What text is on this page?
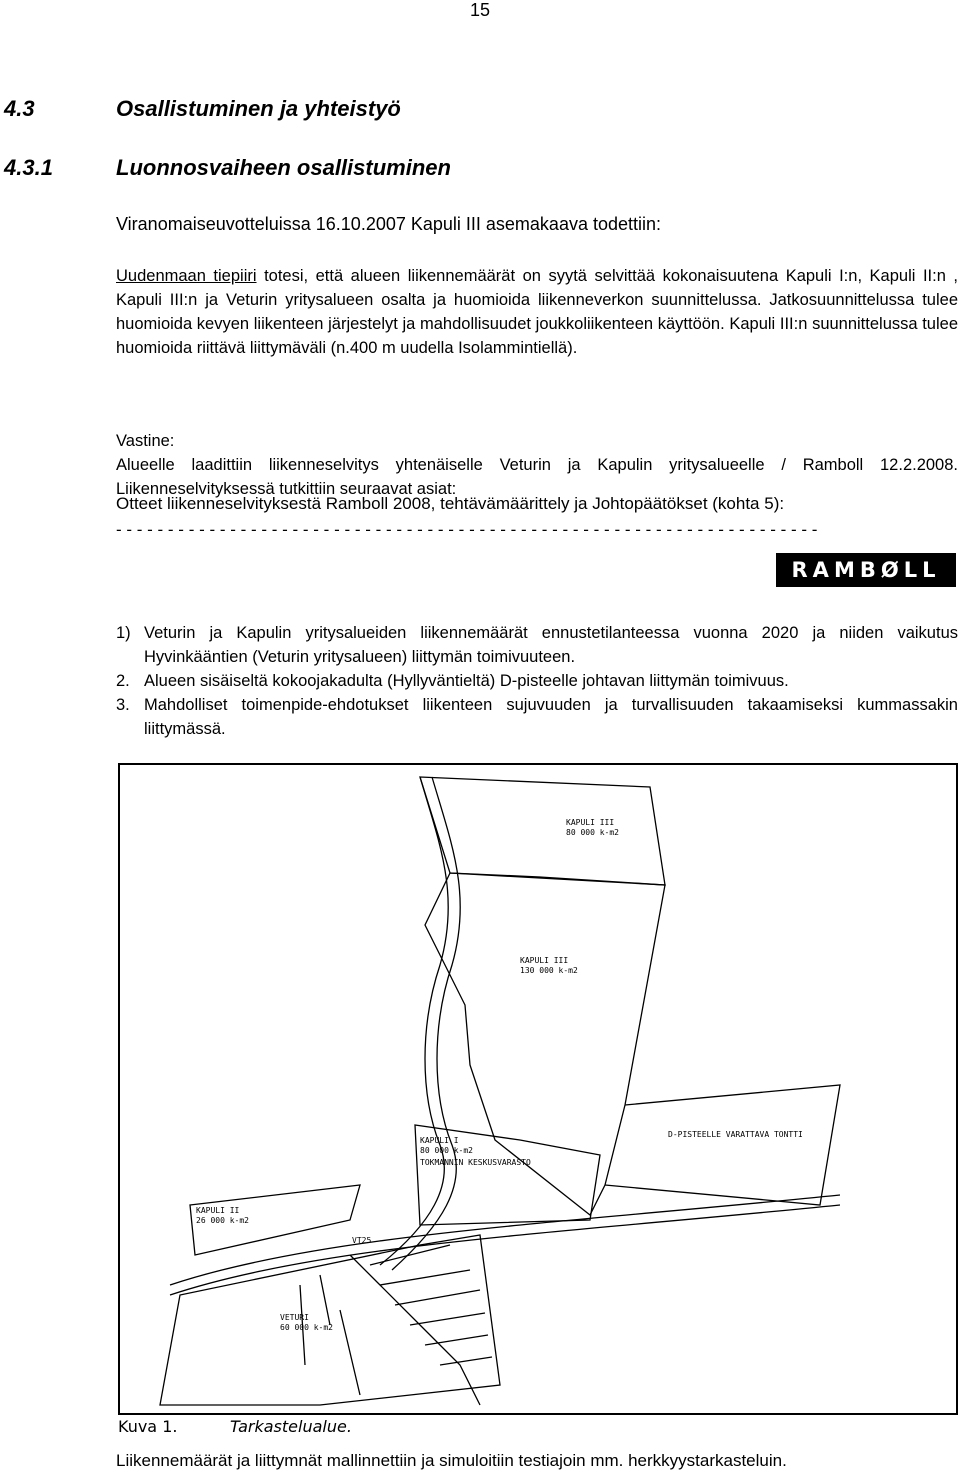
15
4.3	Osallistuminen ja yhteistyö
4.3.1	Luonnosvaiheen osallistuminen
Viranomaiseuvotteluissa 16.10.2007 Kapuli III asemakaava todettiin:
Uudenmaan tiepiiri totesi, että alueen liikennemäärät on syytä selvittää kokonaisuutena Kapuli I:n, Kapuli II:n , Kapuli III:n ja Veturin yritysalueen osalta ja huomioida liikenneverkon suunnittelussa. Jatkosuunnittelussa tulee huomioida kevyen liikenteen järjestelyt ja mahdollisuudet joukkoliikenteen käyttöön. Kapuli III:n suunnittelussa tulee huomioida riittävä liittymäväli (n.400 m uudella Isolammintiellä).
Vastine:
Alueelle laadittiin liikenneselvitys yhtenäiselle Veturin ja Kapulin yritysalueelle / Ramboll 12.2.2008. Liikenneselvityksessä tutkittiin seuraavat asiat:
Otteet liikenneselvityksestä Ramboll 2008, tehtävämäärittely ja Johtopäätökset (kohta 5):
- - - - - - - - - - - - - - - - - - - - - - - - - - - - - - - - - - - - - - - - - - - - - - - - - - - - - - - - - - - - - - - - - - - -
RAMBØLL
1) Veturin ja Kapulin yritysalueiden liikennemäärät ennustetilanteessa vuonna 2020 ja niiden vaikutus Hyvinkääntien (Veturin yritysalueen) liittymän toimivuuteen.
2. Alueen sisäiseltä kokoojakadulta (Hyllyväntieltä) D-pisteelle johtavan liittymän toimivuus.
3. Mahdolliset toimenpide-ehdotukset liikenteen sujuvuuden ja turvallisuuden takaamiseksi kummassakin liittymässä.
KAPULI III
80 000 k-m2
KAPULI III
130 000 k-m2
KAPULI I
80 000 k-m2
TOKMANNIN KESKUSVARASTO
D-PISTEELLE VARATTAVA TONTTI
KAPULI II
26 000 k-m2
VT25
VETURI
60 000 k-m2
Kuva 1.	Tarkastelualue.
Liikennemäärät ja liittymnät mallinnettiin ja simuloitiin testiajoin mm. herkkyystarkasteluin.
